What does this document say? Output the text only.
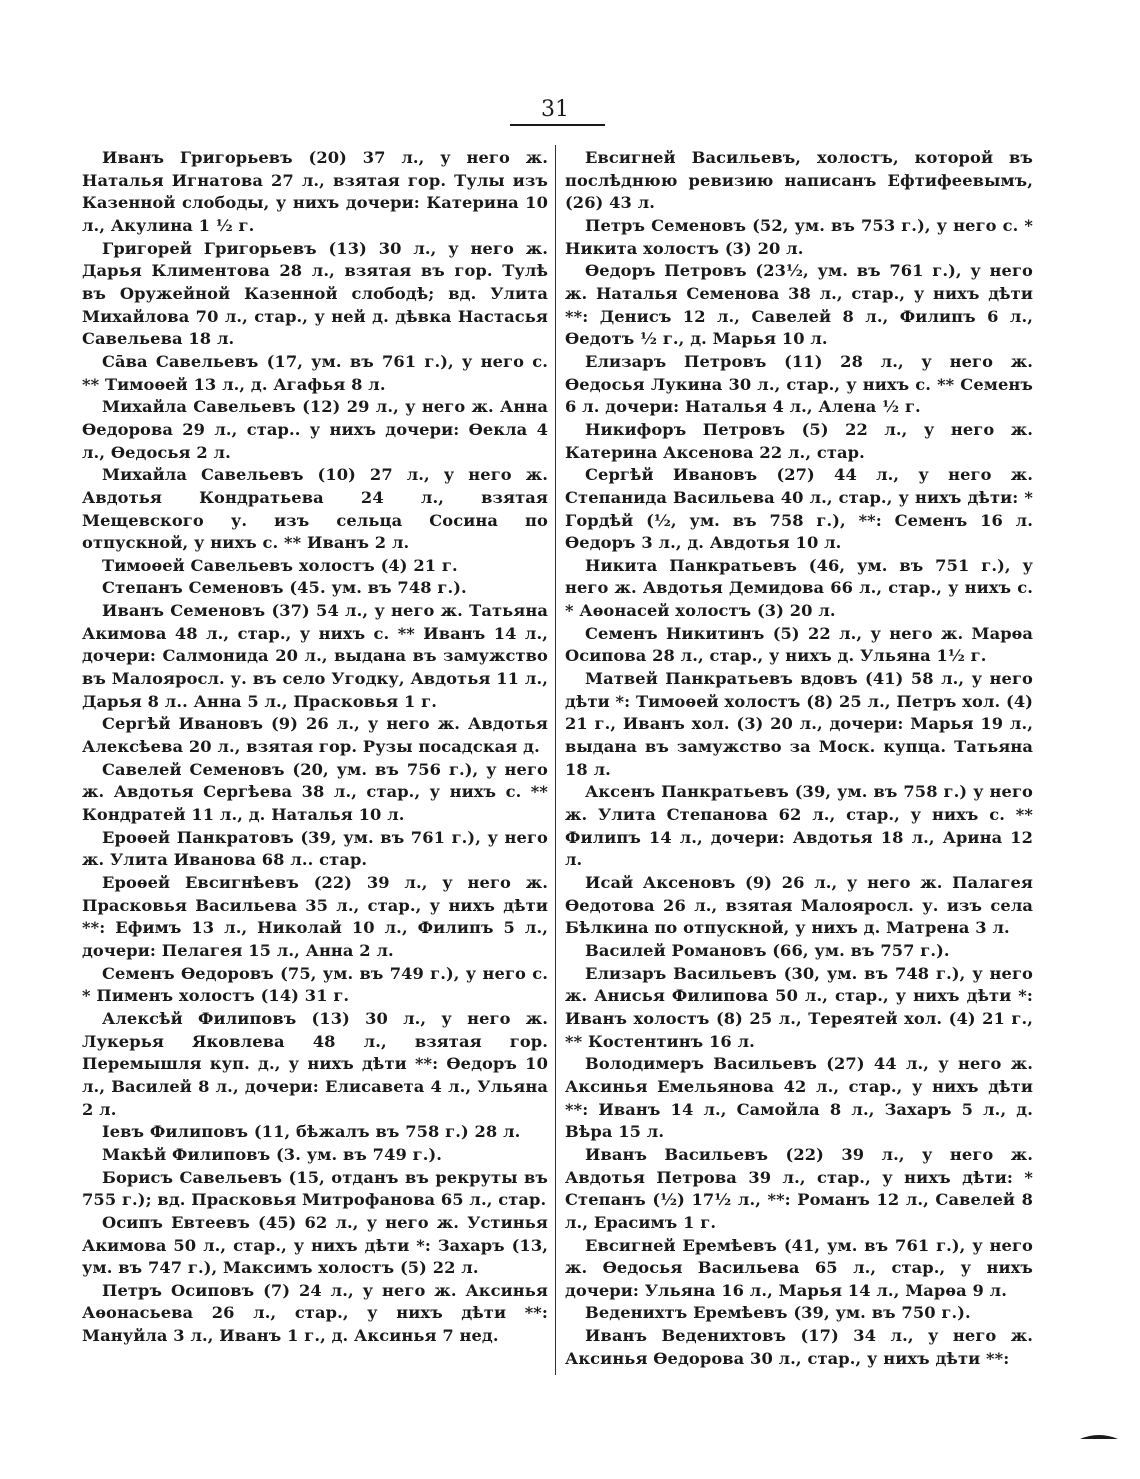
31

Иванъ Григорьевъ (20) 37 л., у него ж. Наталья Игнатова 27 л., взятая гор. Тулы изъ Казенной слободы, у нихъ дочери: Катерина 10 л., Акулина 1 ½ г.

Григорей Григорьевъ (13) 30 л., у него ж. Дарья Климентова 28 л., взятая въ гор. Тулѣ въ Оружейной Казенной слободѣ; вд. Улита Михайлова 70 л., стар., у ней д. дѣвка Настасья Савельева 18 л.

Сāва Савельевъ (17, ум. въ 761 г.), у него с. ** Тимоѳей 13 л., д. Агафья 8 л.

Михайла Савельевъ (12) 29 л., у него ж. Анна Ѳедорова 29 л., стар.. у нихъ дочери: Ѳекла 4 л., Ѳедосья 2 л.

Михайла Савельевъ (10) 27 л., у него ж. Авдотья Кондратьева 24 л., взятая Мещевского у. изъ сельца Сосина по отпускной, у нихъ с. ** Иванъ 2 л.

Тимоѳей Савельевъ холостъ (4) 21 г.

Степанъ Семеновъ (45. ум. въ 748 г.).

Иванъ Семеновъ (37) 54 л., у него ж. Татьяна Акимова 48 л., стар., у нихъ с. ** Иванъ 14 л., дочери: Салмонида 20 л., выдана въ замужство въ Малояросл. у. въ село Угодку, Авдотья 11 л., Дарья 8 л.. Анна 5 л., Прасковья 1 г.

Сергѣй Ивановъ (9) 26 л., у него ж. Авдотья Алексѣева 20 л., взятая гор. Рузы посадская д.

Савелей Семеновъ (20, ум. въ 756 г.), у него ж. Авдотья Сергѣева 38 л., стар., у нихъ с. ** Кондратей 11 л., д. Наталья 10 л.

Ероѳей Панкратовъ (39, ум. въ 761 г.), у него ж. Улита Иванова 68 л.. стар.

Ероѳей Евсигнѣевъ (22) 39 л., у него ж. Прасковья Васильева 35 л., стар., у нихъ дѣти **: Ефимъ 13 л., Николай 10 л., Филипъ 5 л., дочери: Пелагея 15 л., Анна 2 л.

Семенъ Ѳедоровъ (75, ум. въ 749 г.), у него с. * Пименъ холостъ (14) 31 г.

Алексѣй Филиповъ (13) 30 л., у него ж. Лукерья Яковлева 48 л., взятая гор. Перемышля куп. д., у нихъ дѣти **: Ѳедоръ 10 л., Василей 8 л., дочери: Елисавета 4 л., Ульяна 2 л.

Iевъ Филиповъ (11, бѣжалъ въ 758 г.) 28 л.

Макѣй Филиповъ (3. ум. въ 749 г.).

Борисъ Савельевъ (15, отданъ въ рекруты въ 755 г.); вд. Прасковья Митрофанова 65 л., стар.

Осипъ Евтеевъ (45) 62 л., у него ж. Устинья Акимова 50 л., стар., у нихъ дѣти *: Захаръ (13, ум. въ 747 г.), Максимъ холостъ (5) 22 л.

Петръ Осиповъ (7) 24 л., у него ж. Аксинья Аѳонасьева 26 л., стар., у нихъ дѣти **: Мануйла 3 л., Иванъ 1 г., д. Аксинья 7 нед.

Евсигней Васильевъ, холостъ, которой въ послѣднюю ревизию написанъ Ефтифеевымъ, (26) 43 л.

Петръ Семеновъ (52, ум. въ 753 г.), у него с. * Никита холостъ (3) 20 л.

Ѳедоръ Петровъ (23½, ум. въ 761 г.), у него ж. Наталья Семенова 38 л., стар., у нихъ дѣти **: Денисъ 12 л., Савелей 8 л., Филипъ 6 л., Ѳедотъ ½ г., д. Марья 10 л.

Елизаръ Петровъ (11) 28 л., у него ж. Ѳедосья Лукина 30 л., стар., у нихъ с. ** Семенъ 6 л. дочери: Наталья 4 л., Алена ½ г.

Никифоръ Петровъ (5) 22 л., у него ж. Катерина Аксенова 22 л., стар.

Сергѣй Ивановъ (27) 44 л., у него ж. Степанида Васильева 40 л., стар., у нихъ дѣти: * Гордѣй (½, ум. въ 758 г.), **: Семенъ 16 л. Ѳедоръ 3 л., д. Авдотья 10 л.

Никита Панкратьевъ (46, ум. въ 751 г.), у него ж. Авдотья Демидова 66 л., стар., у нихъ с. * Аѳонасей холостъ (3) 20 л.

Семенъ Никитинъ (5) 22 л., у него ж. Марѳа Осипова 28 л., стар., у нихъ д. Ульяна 1½ г.

Матвей Панкратьевъ вдовъ (41) 58 л., у него дѣти *: Тимоѳей холостъ (8) 25 л., Петръ хол. (4) 21 г., Иванъ хол. (3) 20 л., дочери: Марья 19 л., выдана въ замужство за Моск. купца. Татьяна 18 л.

Аксенъ Панкратьевъ (39, ум. въ 758 г.) у него ж. Улита Степанова 62 л., стар., у нихъ с. ** Филипъ 14 л., дочери: Авдотья 18 л., Арина 12 л.

Исай Аксеновъ (9) 26 л., у него ж. Палагея Ѳедотова 26 л., взятая Малояросл. у. изъ села Бѣлкина по отпускной, у нихъ д. Матрена 3 л.

Василей Романовъ (66, ум. въ 757 г.).

Елизаръ Васильевъ (30, ум. въ 748 г.), у него ж. Анисья Филипова 50 л., стар., у нихъ дѣти *: Иванъ холостъ (8) 25 л., Тереятей хол. (4) 21 г., ** Костентинъ 16 л.

Володимеръ Васильевъ (27) 44 л., у него ж. Аксинья Емельянова 42 л., стар., у нихъ дѣти **: Иванъ 14 л., Самойла 8 л., Захаръ 5 л., д. Вѣра 15 л.

Иванъ Васильевъ (22) 39 л., у него ж. Авдотья Петрова 39 л., стар., у нихъ дѣти: * Степанъ (½) 17½ л., **: Романъ 12 л., Савелей 8 л., Ерасимъ 1 г.

Евсигней Еремѣевъ (41, ум. въ 761 г.), у него ж. Ѳедосья Васильева 65 л., стар., у нихъ дочери: Ульяна 16 л., Марья 14 л., Марѳа 9 л.

Веденихтъ Еремѣевъ (39, ум. въ 750 г.).

Иванъ Веденихтовъ (17) 34 л., у него ж. Аксинья Ѳедорова 30 л., стар., у нихъ дѣти **:
